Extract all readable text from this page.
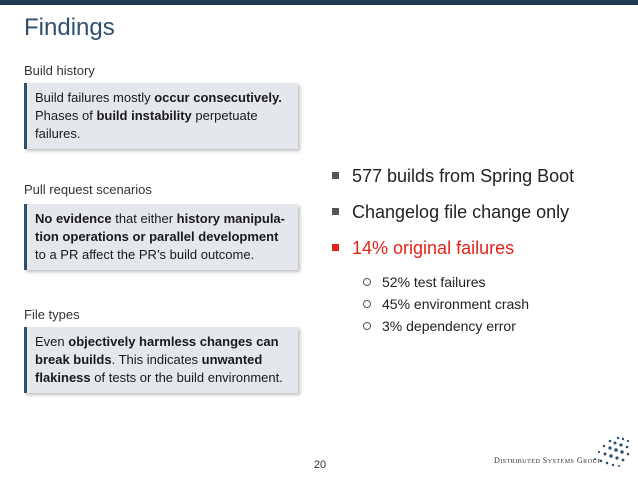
Findings
Build history
Build failures mostly occur consecutively. Phases of build instability perpetuate failures.
Pull request scenarios
No evidence that either history manipula-tion operations or parallel development to a PR affect the PR’s build outcome.
File types
Even objectively harmless changes can break builds. This indicates unwanted flakiness of tests or the build environment.
577 builds from Spring Boot
Changelog file change only
14% original failures
52% test failures
45% environment crash
3% dependency error
20	Distributed Systems Group
